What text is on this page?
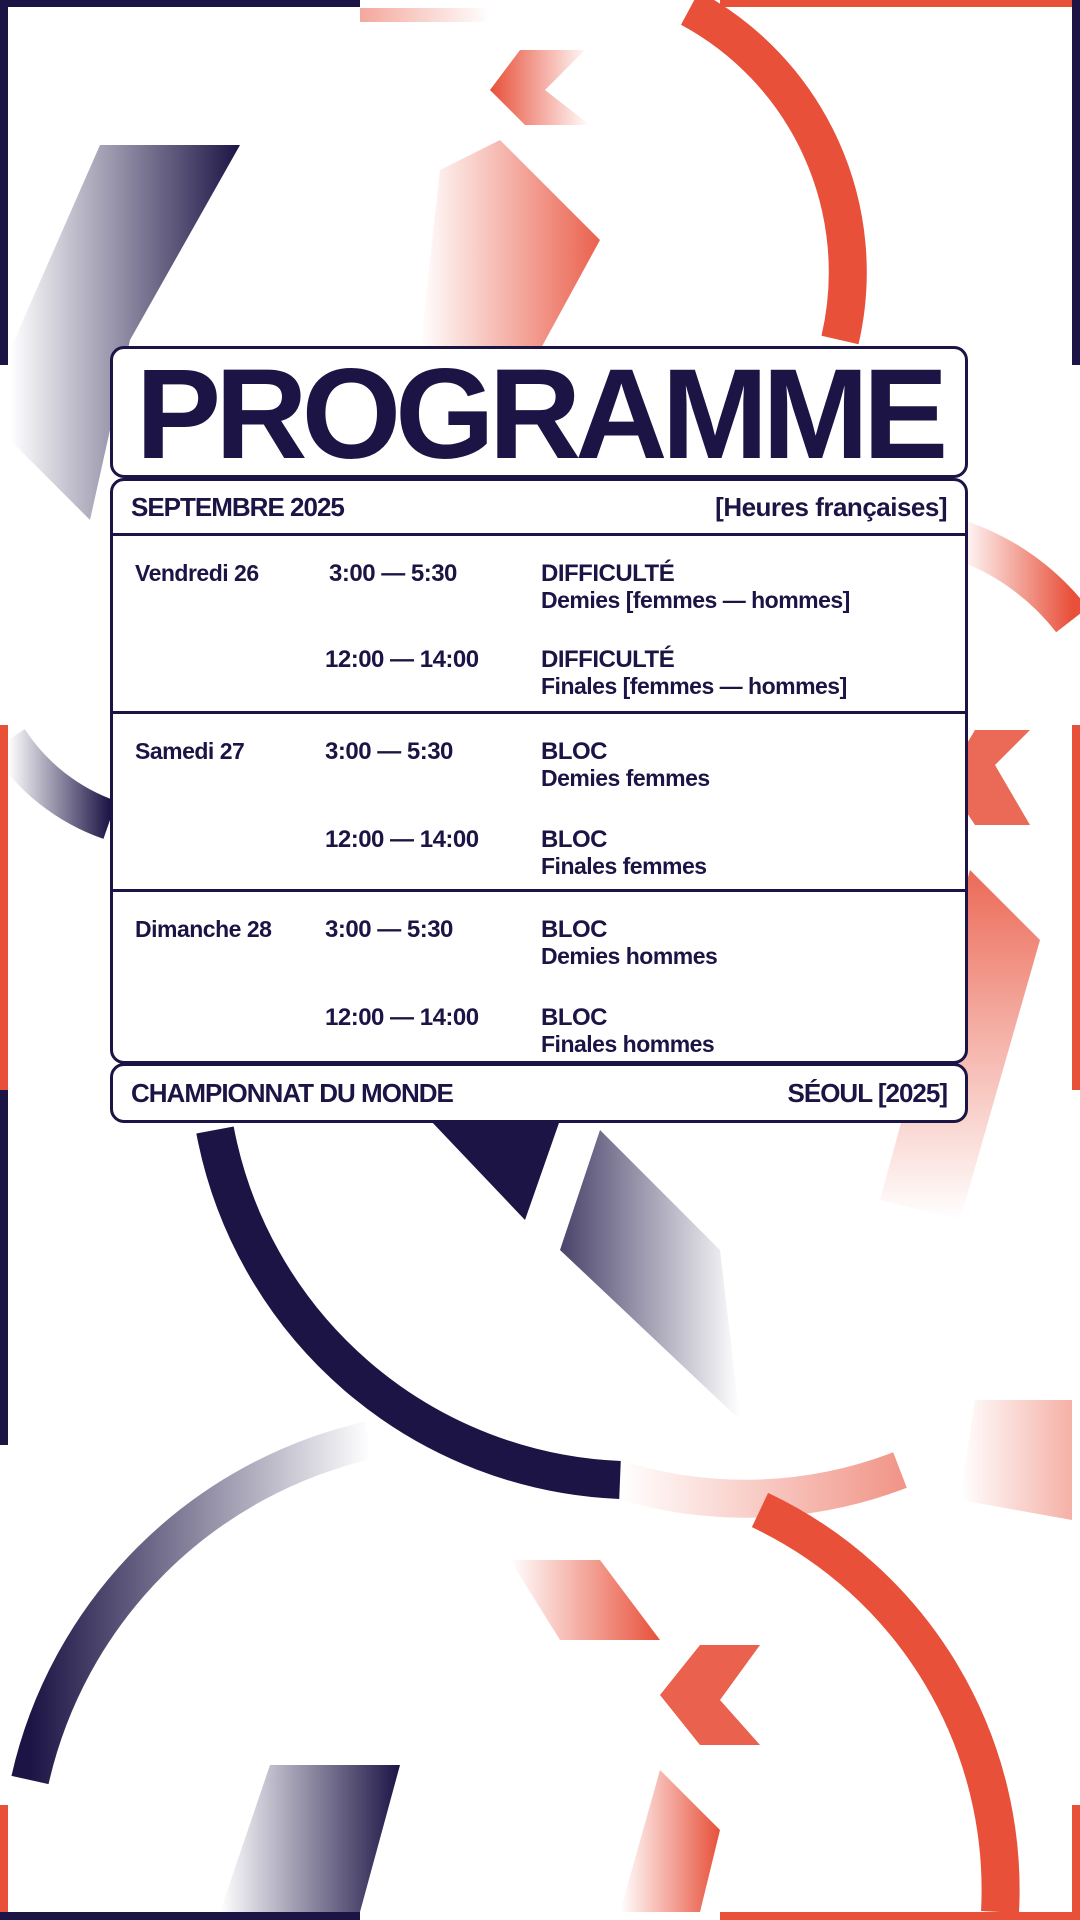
PROGRAMME
SEPTEMBRE 2025	[Heures françaises]
Vendredi 26	3:00 — 5:30	DIFFICULTÉ
Demies [femmes — hommes]
12:00 — 14:00	DIFFICULTÉ
Finales [femmes — hommes]
Samedi 27	3:00 — 5:30	BLOC
Demies femmes
12:00 — 14:00	BLOC
Finales femmes
Dimanche 28 3:00 — 5:30	BLOC
Demies hommes
12:00 — 14:00	BLOC
Finales hommes
CHAMPIONNAT DU MONDE	SÉOUL [2025]
